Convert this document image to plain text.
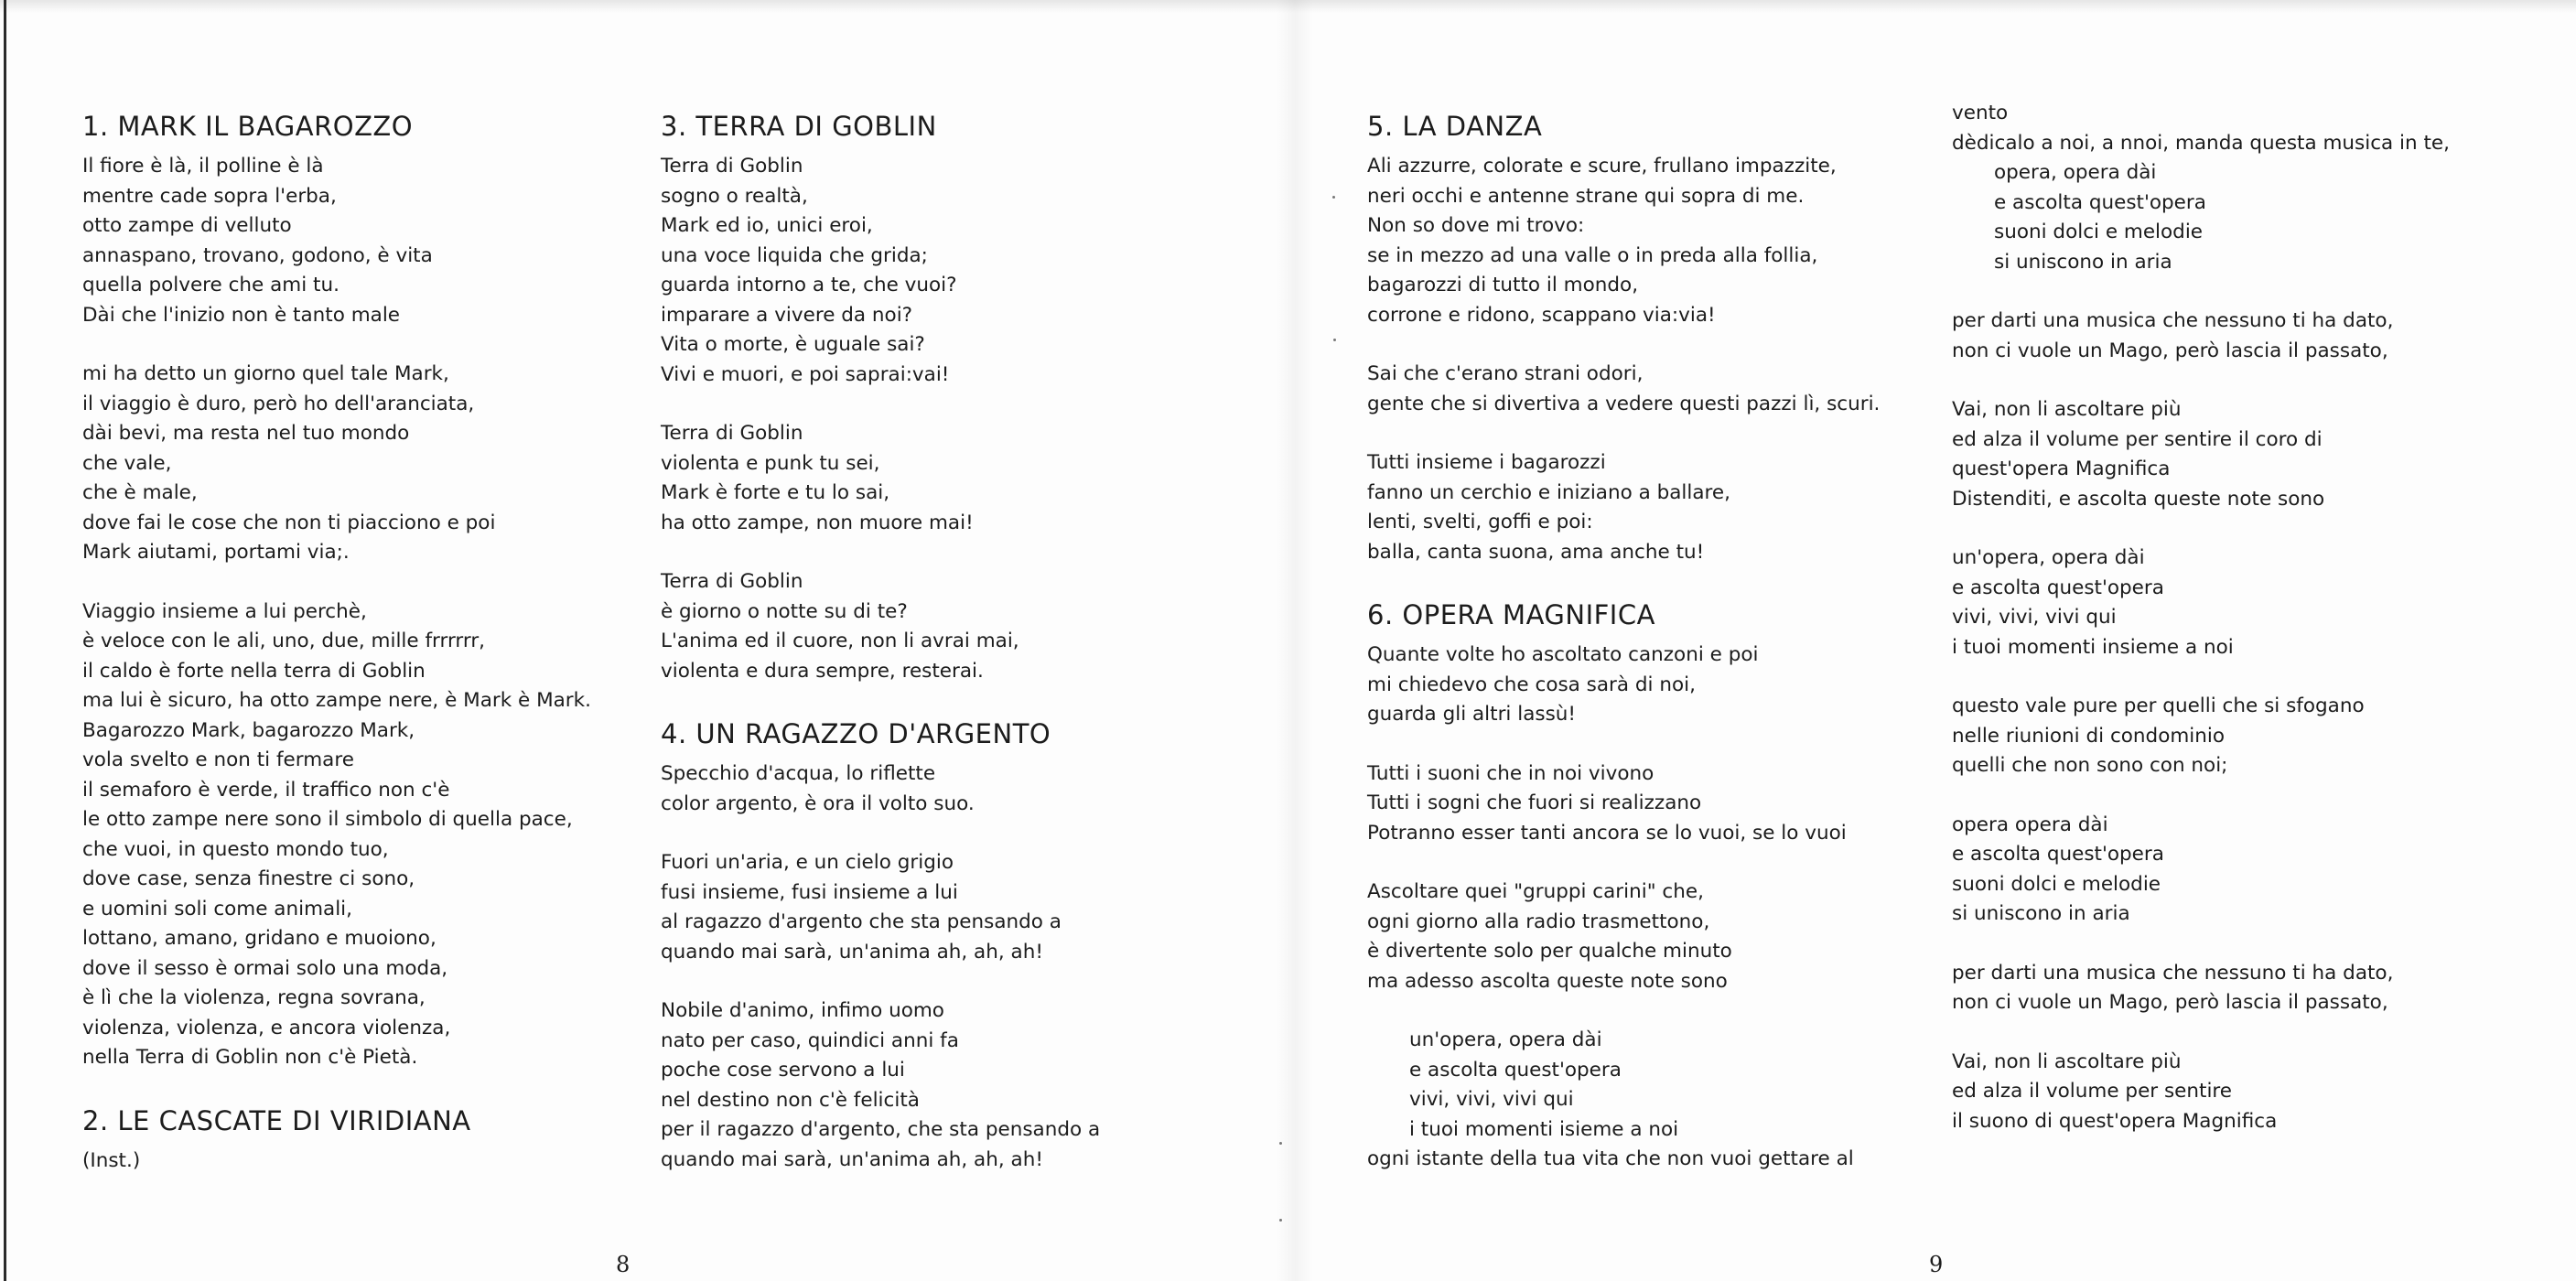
1. MARK IL BAGAROZZO
Il fiore è là, il polline è là
mentre cade sopra l'erba,
otto zampe di velluto
annaspano, trovano, godono, è vita
quella polvere che ami tu.
Dài che l'inizio non è tanto male
mi ha detto un giorno quel tale Mark,
il viaggio è duro, però ho dell'aranciata,
dài bevi, ma resta nel tuo mondo
che vale,
che è male,
dove fai le cose che non ti piacciono e poi
Mark aiutami, portami via;.
Viaggio insieme a lui perchè,
è veloce con le ali, uno, due, mille frrrrrr,
il caldo è forte nella terra di Goblin
ma lui è sicuro, ha otto zampe nere, è Mark è Mark.
Bagarozzo Mark, bagarozzo Mark,
vola svelto e non ti fermare
il semaforo è verde, il traffico non c'è
le otto zampe nere sono il simbolo di quella pace,
che vuoi, in questo mondo tuo,
dove case, senza finestre ci sono,
e uomini soli come animali,
lottano, amano, gridano e muoiono,
dove il sesso è ormai solo una moda,
è lì che la violenza, regna sovrana,
violenza, violenza, e ancora violenza,
nella Terra di Goblin non c'è Pietà.
2. LE CASCATE DI VIRIDIANA
(Inst.)
3. TERRA DI GOBLIN
Terra di Goblin
sogno o realtà,
Mark ed io, unici eroi,
una voce liquida che grida;
guarda intorno a te, che vuoi?
imparare a vivere da noi?
Vita o morte, è uguale sai?
Vivi e muori, e poi saprai:vai!
Terra di Goblin
violenta e punk tu sei,
Mark è forte e tu lo sai,
ha otto zampe, non muore mai!
Terra di Goblin
è giorno o notte su di te?
L'anima ed il cuore, non li avrai mai,
violenta e dura sempre, resterai.
4. UN RAGAZZO D'ARGENTO
Specchio d'acqua, lo riflette
color argento, è ora il volto suo.
Fuori un'aria, e un cielo grigio
fusi insieme, fusi insieme a lui
al ragazzo d'argento che sta pensando a
quando mai sarà, un'anima ah, ah, ah!
Nobile d'animo, infimo uomo
nato per caso, quindici anni fa
poche cose servono a lui
nel destino non c'è felicità
per il ragazzo d'argento, che sta pensando a
quando mai sarà, un'anima ah, ah, ah!
5. LA DANZA
Ali azzurre, colorate e scure, frullano impazzite,
neri occhi e antenne strane qui sopra di me.
Non so dove mi trovo:
se in mezzo ad una valle o in preda alla follia,
bagarozzi di tutto il mondo,
corrone e ridono, scappano via:via!
Sai che c'erano strani odori,
gente che si divertiva a vedere questi pazzi lì, scuri.
Tutti insieme i bagarozzi
fanno un cerchio e iniziano a ballare,
lenti, svelti, goffi e poi:
balla, canta suona, ama anche tu!
6. OPERA MAGNIFICA
Quante volte ho ascoltato canzoni e poi
mi chiedevo che cosa sarà di noi,
guarda gli altri lassù!
Tutti i suoni che in noi vivono
Tutti i sogni che fuori si realizzano
Potranno esser tanti ancora se lo vuoi, se lo vuoi
Ascoltare quei "gruppi carini" che,
ogni giorno alla radio trasmettono,
è divertente solo per qualche minuto
ma adesso ascolta queste note sono
un'opera, opera dài
e ascolta quest'opera
vivi, vivi, vivi qui
i tuoi momenti isieme a noi
ogni istante della tua vita che non vuoi gettare al
vento
dèdicalo a noi, a nnoi, manda questa musica in te,
opera, opera dài
e ascolta quest'opera
suoni dolci e melodie
si uniscono in aria
per darti una musica che nessuno ti ha dato,
non ci vuole un Mago, però lascia il passato,
Vai, non li ascoltare più
ed alza il volume per sentire il coro di
quest'opera Magnifica
Distenditi, e ascolta queste note sono
un'opera, opera dài
e ascolta quest'opera
vivi, vivi, vivi qui
i tuoi momenti insieme a noi
questo vale pure per quelli che si sfogano
nelle riunioni di condominio
quelli che non sono con noi;
opera opera dài
e ascolta quest'opera
suoni dolci e melodie
si uniscono in aria
per darti una musica che nessuno ti ha dato,
non ci vuole un Mago, però lascia il passato,
Vai, non li ascoltare più
ed alza il volume per sentire
il suono di quest'opera Magnifica
8	9
